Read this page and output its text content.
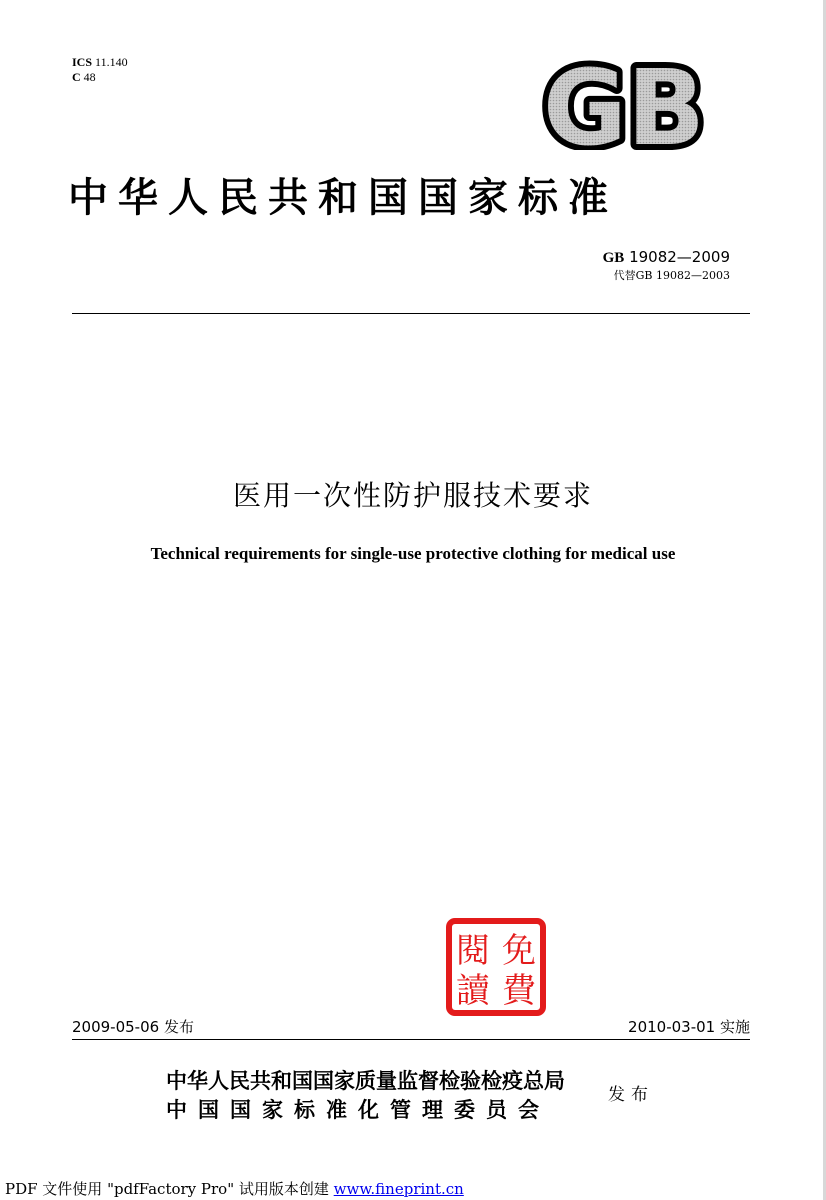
ICS 11.140
C 48	GB
中华人民共和国国家标准
GB 19082—2009
代替GB 19082—2003
医用一次性防护服技术要求
Technical requirements for single-use protective clothing for medical use
免
費
閱
讀
2009-05-06 发布	2010-03-01 实施
中华人民共和国国家质量监督检验检疫总局
中国国家标准化管理委员会
发布
PDF 文件使用 "pdfFactory Pro" 试用版本创建 www.fineprint.cn
